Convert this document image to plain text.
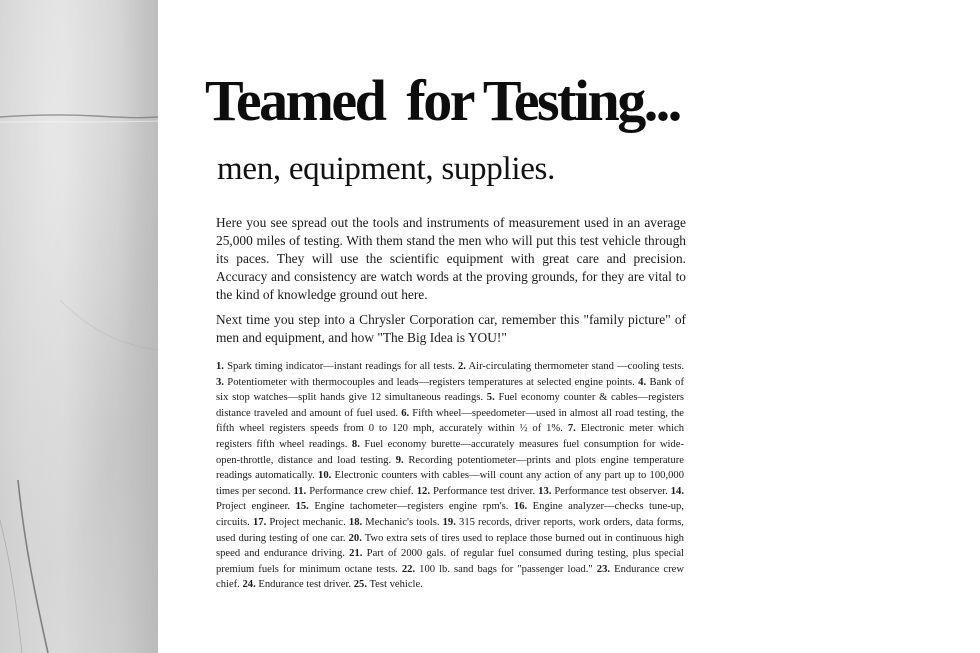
Teamed for Testing...
men, equipment, supplies.

Here you see spread out the tools and instruments of measurement used in an average 25,000 miles of testing. With them stand the men who will put this test vehicle through its paces. They will use the scientific equipment with great care and precision. Accuracy and consistency are watch words at the proving grounds, for they are vital to the kind of knowledge ground out here.

Next time you step into a Chrysler Corporation car, remember this "family picture" of men and equipment, and how "The Big Idea is YOU!"

1. Spark timing indicator—instant readings for all tests. 2. Air-circulating thermometer stand —cooling tests. 3. Potentiometer with thermocouples and leads—registers temperatures at selected engine points. 4. Bank of six stop watches—split hands give 12 simultaneous readings. 5. Fuel economy counter & cables—registers distance traveled and amount of fuel used. 6. Fifth wheel—speedometer—used in almost all road testing, the fifth wheel registers speeds from 0 to 120 mph, accurately within ½ of 1%. 7. Electronic meter which registers fifth wheel readings. 8. Fuel economy burette—accurately measures fuel consumption for wide-open-throttle, distance and load testing. 9. Recording potentiometer—prints and plots engine temperature readings automatically. 10. Electronic counters with cables—will count any action of any part up to 100,000 times per second. 11. Performance crew chief. 12. Performance test driver. 13. Performance test observer. 14. Project engineer. 15. Engine tachometer—registers engine rpm's. 16. Engine analyzer—checks tune-up, circuits. 17. Project mechanic. 18. Mechanic's tools. 19. 315 records, driver reports, work orders, data forms, used during testing of one car. 20. Two extra sets of tires used to replace those burned out in continuous high speed and endurance driving. 21. Part of 2000 gals. of regular fuel consumed during testing, plus special premium fuels for minimum octane tests. 22. 100 lb. sand bags for "passenger load." 23. Endurance crew chief. 24. Endurance test driver. 25. Test vehicle.
